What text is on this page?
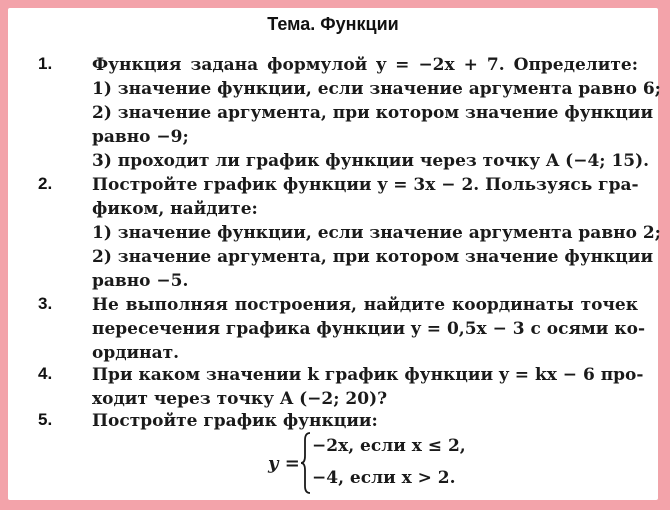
Тема. Функции
1. Функция задана формулой y = −2x + 7. Определите:
1) значение функции, если значение аргумента равно 6;
2) значение аргумента, при котором значение функции
равно −9;
3) проходит ли график функции через точку A (−4; 15).
2. Постройте график функции y = 3x − 2. Пользуясь гра-
фиком, найдите:
1) значение функции, если значение аргумента равно 2;
2) значение аргумента, при котором значение функции
равно −5.
3. Не выполняя построения, найдите координаты точек
пересечения графика функции y = 0,5x − 3 с осями ко-
ординат.
4. При каком значении k график функции y = kx − 6 про-
ходит через точку A (−2; 20)?
5. Постройте график функции:
y =
−2x, если x ≤ 2,
−4, если x > 2.
